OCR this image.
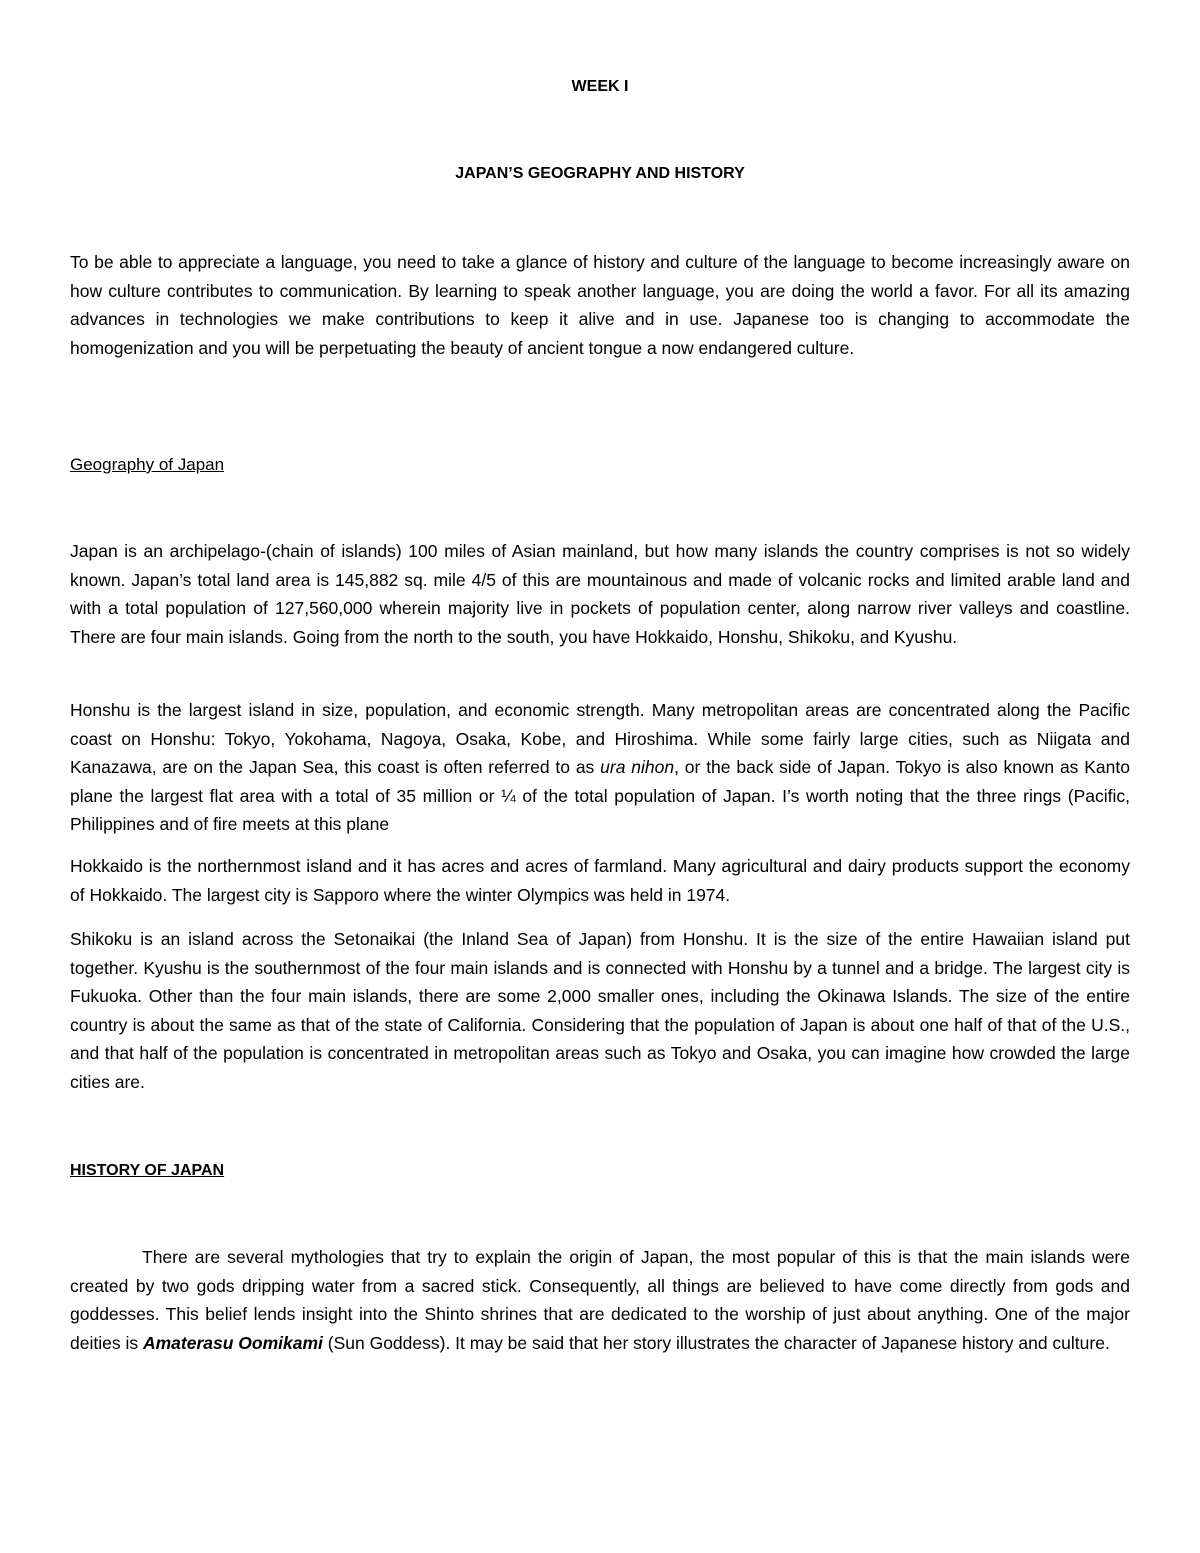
WEEK I
JAPAN’S GEOGRAPHY AND HISTORY

To be able to appreciate a language, you need to take a glance of history and culture of the language to become increasingly aware on how culture contributes to communication. By learning to speak another language, you are doing the world a favor. For all its amazing advances in technologies we make contributions to keep it alive and in use. Japanese too is changing to accommodate the homogenization and you will be perpetuating the beauty of ancient tongue a now endangered culture.

Geography of Japan

Japan is an archipelago-(chain of islands) 100 miles of Asian mainland, but how many islands the country comprises is not so widely known. Japan’s total land area is 145,882 sq. mile 4/5 of this are mountainous and made of volcanic rocks and limited arable land and with a total population of 127,560,000 wherein majority live in pockets of population center, along narrow river valleys and coastline. There are four main islands. Going from the north to the south, you have Hokkaido, Honshu, Shikoku, and Kyushu.

Honshu is the largest island in size, population, and economic strength. Many metropolitan areas are concentrated along the Pacific coast on Honshu: Tokyo, Yokohama, Nagoya, Osaka, Kobe, and Hiroshima. While some fairly large cities, such as Niigata and Kanazawa, are on the Japan Sea, this coast is often referred to as ura nihon, or the back side of Japan. Tokyo is also known as Kanto plane the largest flat area with a total of 35 million or ¼ of the total population of Japan. I’s worth noting that the three rings (Pacific, Philippines and of fire meets at this plane

Hokkaido is the northernmost island and it has acres and acres of farmland. Many agricultural and dairy products support the economy of Hokkaido. The largest city is Sapporo where the winter Olympics was held in 1974.

Shikoku is an island across the Setonaikai (the Inland Sea of Japan) from Honshu. It is the size of the entire Hawaiian island put together. Kyushu is the southernmost of the four main islands and is connected with Honshu by a tunnel and a bridge. The largest city is Fukuoka. Other than the four main islands, there are some 2,000 smaller ones, including the Okinawa Islands. The size of the entire country is about the same as that of the state of California. Considering that the population of Japan is about one half of that of the U.S., and that half of the population is concentrated in metropolitan areas such as Tokyo and Osaka, you can imagine how crowded the large cities are.

HISTORY OF JAPAN

There are several mythologies that try to explain the origin of Japan, the most popular of this is that the main islands were created by two gods dripping water from a sacred stick. Consequently, all things are believed to have come directly from gods and goddesses. This belief lends insight into the Shinto shrines that are dedicated to the worship of just about anything. One of the major deities is Amaterasu Oomikami (Sun Goddess). It may be said that her story illustrates the character of Japanese history and culture.
